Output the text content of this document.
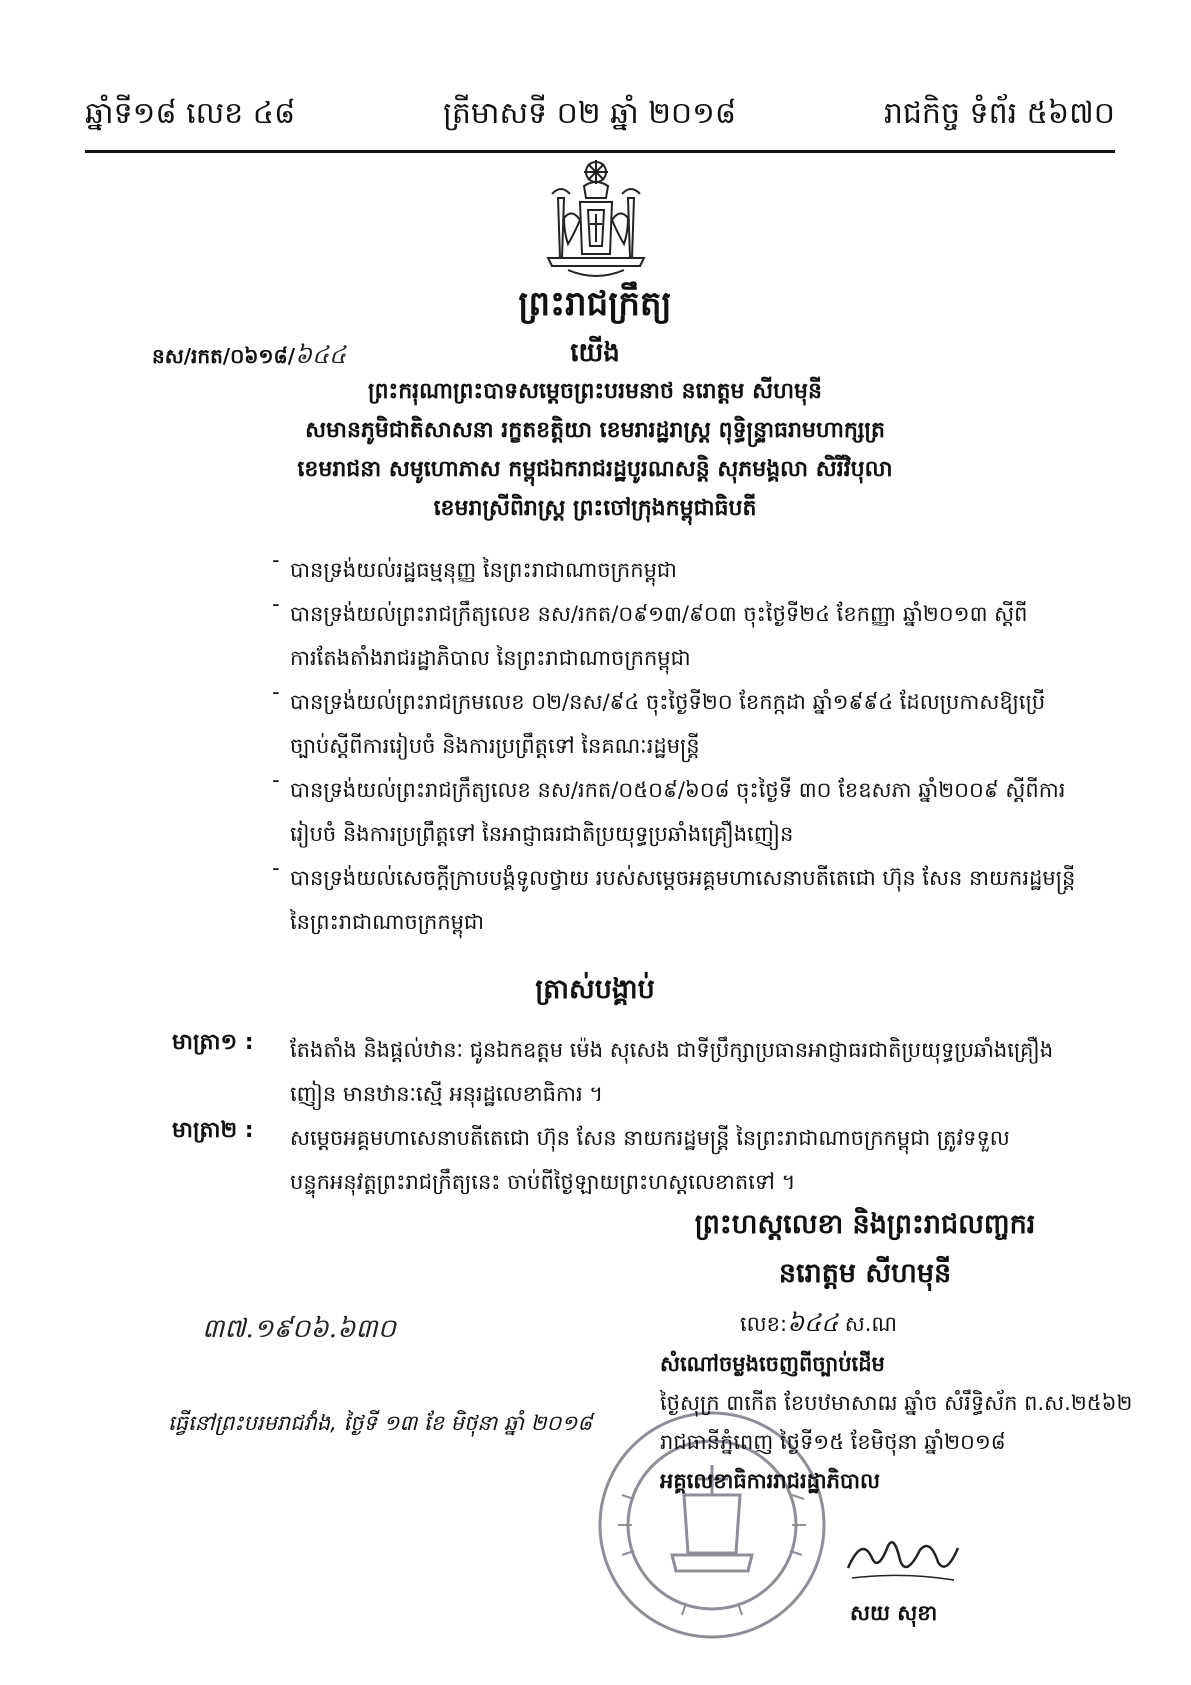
ឆ្នាំទី១៨ លេខ ៤៨	ត្រីមាសទី ០២ ឆ្នាំ ២០១៨	រាជកិច្ច ទំព័រ ៥៦៧០
ព្រះរាជក្រឹត្យ
នស/រកត/០៦១៨/៦៤៤	យើង
ព្រះករុណាព្រះបាទសម្តេចព្រះបរមនាថ នរោត្តម សីហមុនី
សមានភូមិជាតិសាសនា រក្ខតខត្តិយា ខេមរារដ្ឋរាស្ត្រ ពុទ្ធិន្ទ្រាធរាមហាក្សត្រ
ខេមរាជនា សមូហោភាស កម្ពុជឯករាជរដ្ឋបូរណសន្តិ សុភមង្គលា សិរីវិបុលា
ខេមរាស្រីពិរាស្ត្រ ព្រះចៅក្រុងកម្ពុជាធិបតី
- បានទ្រង់យល់រដ្ឋធម្មនុញ្ញ នៃព្រះរាជាណាចក្រកម្ពុជា
- បានទ្រង់យល់ព្រះរាជក្រឹត្យលេខ នស/រកត/០៩១៣/៩០៣ ចុះថ្ងៃទី២៤ ខែកញ្ញា ឆ្នាំ២០១៣ ស្តីពី
ការតែងតាំងរាជរដ្ឋាភិបាល នៃព្រះរាជាណាចក្រកម្ពុជា
- បានទ្រង់យល់ព្រះរាជក្រមលេខ ០២/នស/៩៤ ចុះថ្ងៃទី២០ ខែកក្កដា ឆ្នាំ១៩៩៤ ដែលប្រកាសឱ្យប្រើ
ច្បាប់ស្តីពីការរៀបចំ និងការប្រព្រឹត្តទៅ នៃគណៈរដ្ឋមន្ត្រី
- បានទ្រង់យល់ព្រះរាជក្រឹត្យលេខ នស/រកត/០៥០៩/៦០៨ ចុះថ្ងៃទី ៣០ ខែឧសភា ឆ្នាំ២០០៩ ស្តីពីការ
រៀបចំ និងការប្រព្រឹត្តទៅ នៃអាជ្ញាធរជាតិប្រយុទ្ធប្រឆាំងគ្រឿងញៀន
- បានទ្រង់យល់សេចក្តីក្រាបបង្គំទូលថ្វាយ របស់សម្តេចអគ្គមហាសេនាបតីតេជោ ហ៊ុន សែន នាយករដ្ឋមន្ត្រី
នៃព្រះរាជាណាចក្រកម្ពុជា
ត្រាស់បង្គាប់
មាត្រា១ : តែងតាំង និងផ្តល់ឋានៈ ជូនឯកឧត្តម ម៉េង សុសេង ជាទីប្រឹក្សាប្រធានអាជ្ញាធរជាតិប្រយុទ្ធប្រឆាំងគ្រឿង
ញៀន មានឋានៈស្មើ អនុរដ្ឋលេខាធិការ ។
មាត្រា២ : សម្តេចអគ្គមហាសេនាបតីតេជោ ហ៊ុន សែន នាយករដ្ឋមន្ត្រី នៃព្រះរាជាណាចក្រកម្ពុជា ត្រូវទទួល
បន្ទុកអនុវត្តព្រះរាជក្រឹត្យនេះ ចាប់ពីថ្ងៃឡាយព្រះហស្តលេខាតទៅ ។
៣៧.១៩០៦.៦៣០
ធ្វើនៅព្រះបរមរាជវាំង, ថ្ងៃទី ១៣ ខែ មិថុនា ឆ្នាំ ២០១៨
ព្រះហស្តលេខា និងព្រះរាជលញ្ចករ
នរោត្តម សីហមុនី
លេខ:៦៤៤ ស.ណ
សំណៅចម្លងចេញពីច្បាប់ដើម
ថ្ងៃសុក្រ ៣កើត ខែបឋមាសាឍ ឆ្នាំច សំរឹទ្ធិស័ក ព.ស.២៥៦២
រាជធានីភ្នំពេញ ថ្ងៃទី១៥ ខែមិថុនា ឆ្នាំ២០១៨
អគ្គលេខាធិការរាជរដ្ឋាភិបាល
សយ សុខា
